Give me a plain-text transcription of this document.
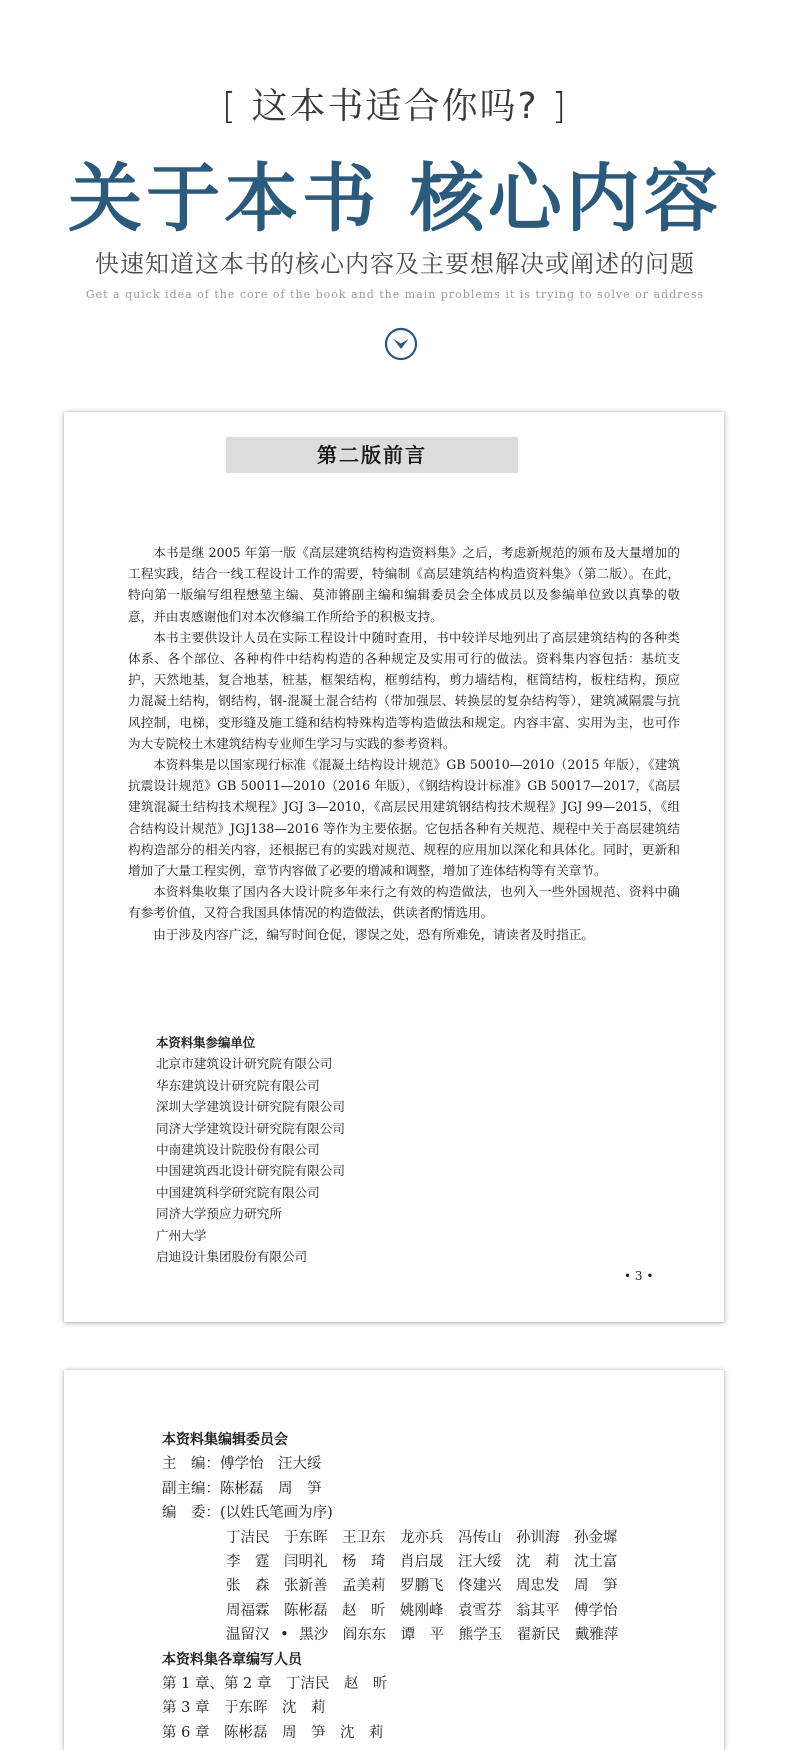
[ 这本书适合你吗? ]
关于本书 核心内容
快速知道这本书的核心内容及主要想解决或阐述的问题
Get a quick idea of the core of the book and the main problems it is trying to solve or address
第二版前言

本书是继 2005 年第一版《高层建筑结构构造资料集》之后，考虑新规范的颁布及大量增加的工程实践，结合一线工程设计工作的需要，特编制《高层建筑结构构造资料集》（第二版）。在此，特向第一版编写组程懋堃主编、莫沛锵副主编和编辑委员会全体成员以及参编单位致以真挚的敬意，并由衷感谢他们对本次修编工作所给予的积极支持。

本书主要供设计人员在实际工程设计中随时查用，书中较详尽地列出了高层建筑结构的各种类体系、各个部位、各种构件中结构构造的各种规定及实用可行的做法。资料集内容包括：基坑支护，天然地基，复合地基，桩基，框架结构，框剪结构，剪力墙结构，框筒结构，板柱结构，预应力混凝土结构，钢结构，钢-混凝土混合结构（带加强层、转换层的复杂结构等），建筑减隔震与抗风控制，电梯，变形缝及施工缝和结构特殊构造等构造做法和规定。内容丰富、实用为主，也可作为大专院校土木建筑结构专业师生学习与实践的参考资料。

本资料集是以国家现行标准《混凝土结构设计规范》GB 50010—2010（2015 年版），《建筑抗震设计规范》GB 50011—2010（2016 年版），《钢结构设计标准》GB 50017—2017，《高层建筑混凝土结构技术规程》JGJ 3—2010，《高层民用建筑钢结构技术规程》JGJ 99—2015，《组合结构设计规范》JGJ138—2016 等作为主要依据。它包括各种有关规范、规程中关于高层建筑结构构造部分的相关内容，还根据已有的实践对规范、规程的应用加以深化和具体化。同时，更新和增加了大量工程实例，章节内容做了必要的增减和调整，增加了连体结构等有关章节。

本资料集收集了国内各大设计院多年来行之有效的构造做法，也列入一些外国规范、资料中确有参考价值，又符合我国具体情况的构造做法，供读者酌情选用。

由于涉及内容广泛，编写时间仓促，谬误之处，恐有所难免，请读者及时指正。

本资料集参编单位
北京市建筑设计研究院有限公司
华东建筑设计研究院有限公司
深圳大学建筑设计研究院有限公司
同济大学建筑设计研究院有限公司
中南建筑设计院股份有限公司
中国建筑西北设计研究院有限公司
中国建筑科学研究院有限公司
同济大学预应力研究所
广州大学
启迪设计集团股份有限公司
• 3 •
本资料集编辑委员会
主　编：傅学怡　汪大绥
副主编：陈彬磊　周　笋
编　委：(以姓氏笔画为序)
丁洁民　于东晖　王卫东　龙亦兵　冯传山　孙训海　孙金墀
李　霆　闫明礼　杨　琦　肖启晟　汪大绥　沈　莉　沈土富
张　森　张新善　孟美莉　罗鹏飞　佟建兴　周忠发　周　笋
周福霖　陈彬磊　赵　昕　姚刚峰　袁雪芬　翁其平　傅学怡
温留汉 • 黑沙　阎东东　谭　平　熊学玉　翟新民　戴雅萍
本资料集各章编写人员
第 1 章、第 2 章　 丁洁民　赵　昕
第 3 章　 于东晖　沈　莉
第 6 章　 陈彬磊　周　笋　沈　莉
